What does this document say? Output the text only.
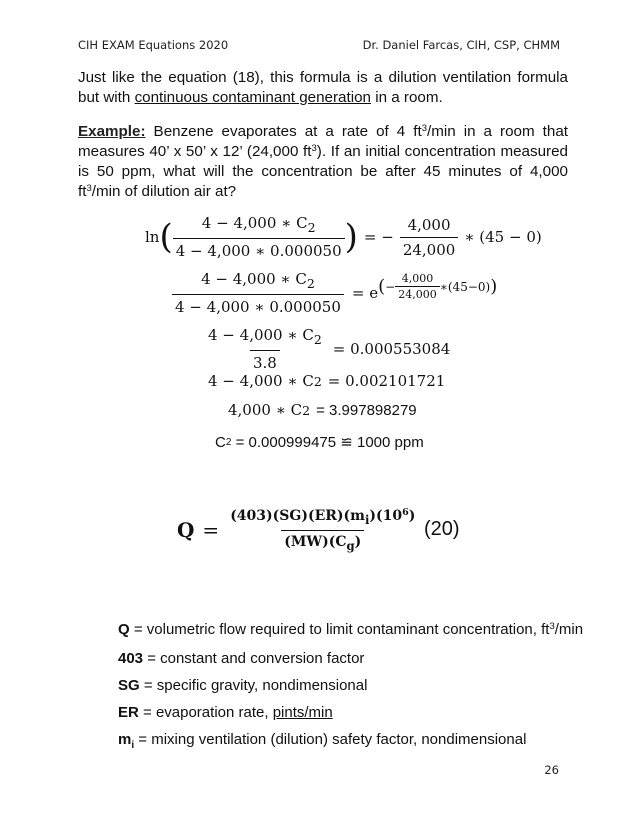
CIH EXAM Equations 2020	Dr. Daniel Farcas, CIH, CSP, CHMM
Just like the equation (18), this formula is a dilution ventilation formula but with continuous contaminant generation in a room.
Example: Benzene evaporates at a rate of 4 $ft^3/\min$ in a room that measures 40’ x 50’ x 12’ (24,000 $ft^3$). If an initial concentration measured is 50 ppm, what will the concentration be after 45 minutes of 4,000 $ft^3/\min$ of dilution air at?
ln ( $\frac{4 - 4,000 ∗ C_2}{4 - 4,000 ∗ 0.000050}$ ) = − $\frac{4,000}{24,000}$ ∗ (45 − 0)
$\frac{4 - 4,000 ∗ C_2}{4 - 4,000 ∗ 0.000050} = e$ ( − $\frac{4,000}{24,000}$ ∗(45−0) )
$\frac{4 - 4,000 ∗ C_2}{3.8} = 0.000553084$
4 − 4,000 ∗ C 2 = 0.002101721
4,000 ∗ C 2 = 3.997898279
C 2 = 0.000999475 ≌ 1000 ppm
$Q = \frac{(403)(SG)(ER)(m_i)(10^6)}{(MW)(C_g)} (20)$
Q = volumetric flow required to limit contaminant concentration, $ft^3/\min$
403 = constant and conversion factor
SG = specific gravity, nondimensional
ER = evaporation rate, pints/min
$m_i$ = mixing ventilation (dilution) safety factor, nondimensional
26
